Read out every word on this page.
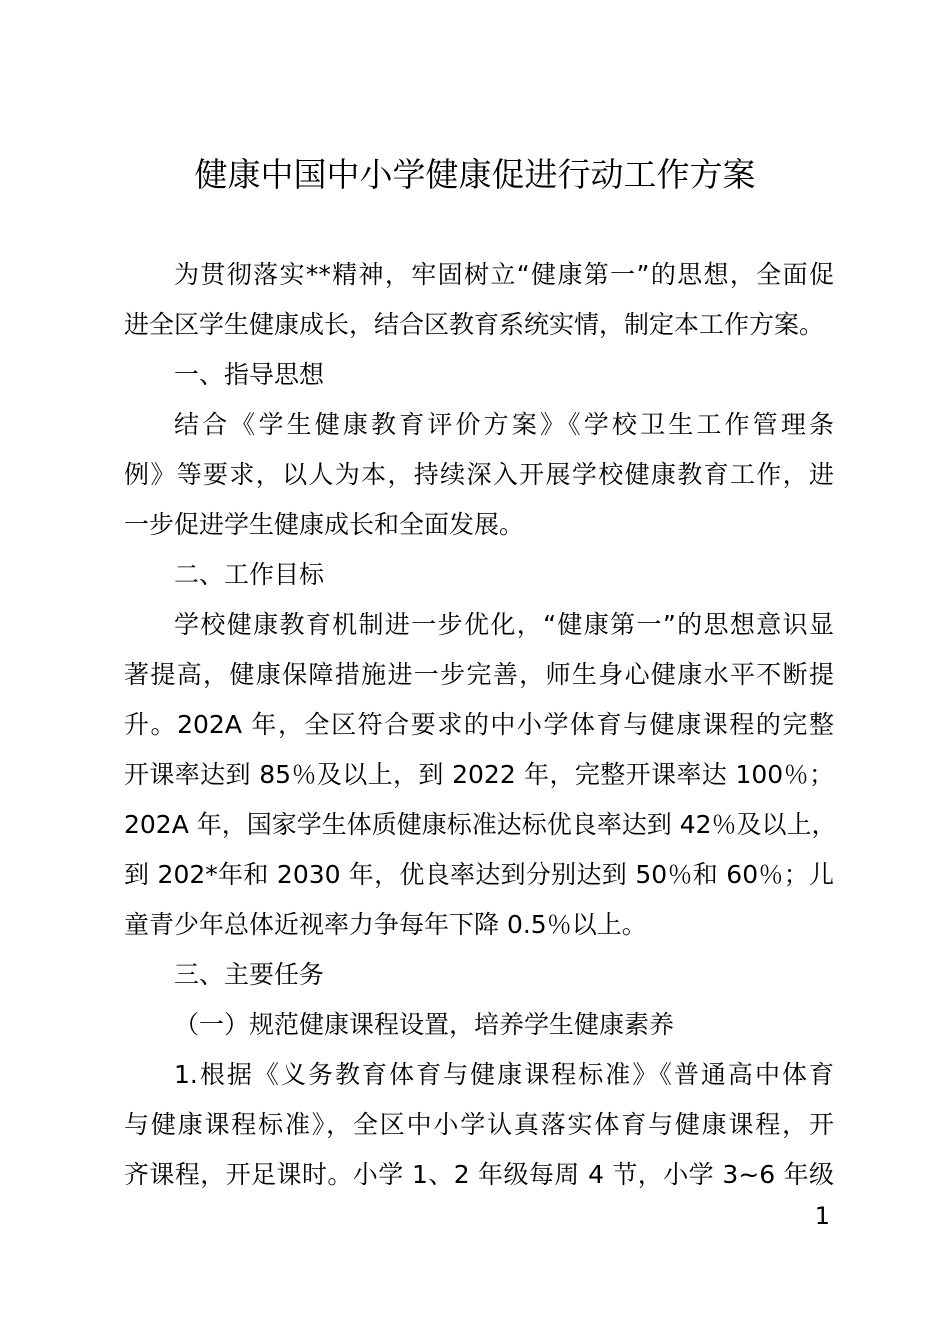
健康中国中小学健康促进行动工作方案
为贯彻落实**精神，牢固树立“健康第一”的思想，全面促
进全区学生健康成长，结合区教育系统实情，制定本工作方案。
一、指导思想
结合《学生健康教育评价方案》《学校卫生工作管理条
例》等要求，以人为本，持续深入开展学校健康教育工作，进
一步促进学生健康成长和全面发展。
二、工作目标
学校健康教育机制进一步优化，“健康第一”的思想意识显
著提高，健康保障措施进一步完善，师生身心健康水平不断提
升。202A 年，全区符合要求的中小学体育与健康课程的完整
开课率达到 85％及以上，到 2022 年，完整开课率达 100％；
202A 年，国家学生体质健康标准达标优良率达到 42％及以上，
到 202*年和 2030 年，优良率达到分别达到 50％和 60％；儿
童青少年总体近视率力争每年下降 0.5％以上。
三、主要任务
（一）规范健康课程设置，培养学生健康素养
1.根据《义务教育体育与健康课程标准》《普通高中体育
与健康课程标准》，全区中小学认真落实体育与健康课程，开
齐课程，开足课时。小学 1、2 年级每周 4 节，小学 3~6 年级
1
